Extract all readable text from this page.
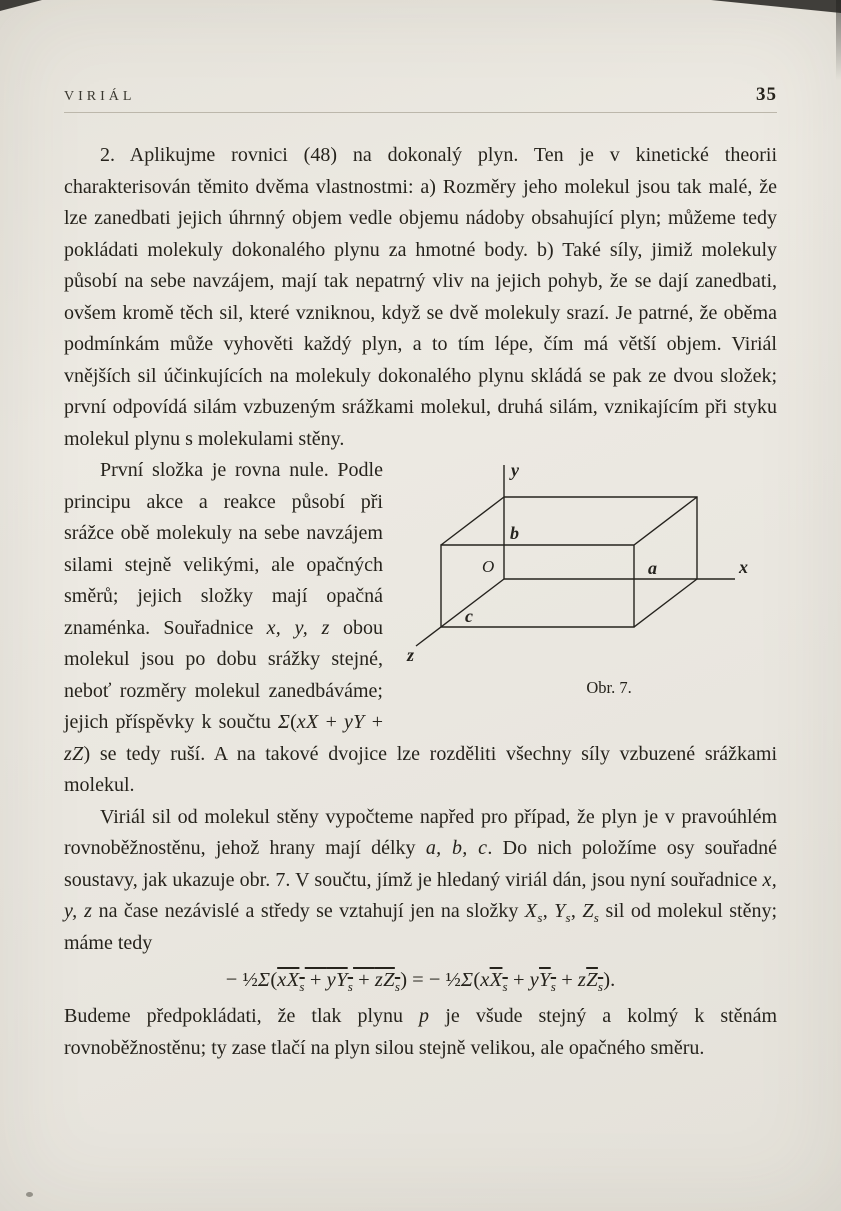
VIRIÁL	35

2. Aplikujme rovnici (48) na dokonalý plyn. Ten je v kinetické theorii charakterisován těmito dvěma vlastnostmi: a) Rozměry jeho molekul jsou tak malé, že lze zanedbati jejich úhrnný objem vedle objemu nádoby obsahující plyn; můžeme tedy pokládati molekuly dokonalého plynu za hmotné body. b) Také síly, jimiž molekuly působí na sebe navzájem, mají tak nepatrný vliv na jejich pohyb, že se dají zanedbati, ovšem kromě těch sil, které vzniknou, když se dvě molekuly srazí. Je patrné, že oběma podmínkám může vyhověti každý plyn, a to tím lépe, čím má větší objem. Viriál vnějších sil účinkujících na molekuly dokonalého plynu skládá se pak ze dvou složek; první odpovídá silám vzbuzeným srážkami molekul, druhá silám, vznikajícím při styku molekul plynu s molekulami stěny.

y
x
z
a
b
c
O
Obr. 7.
První složka je rovna nule. Podle principu akce a reakce působí při srážce obě molekuly na sebe navzájem silami stejně velikými, ale opačných směrů; jejich složky mají opačná znaménka. Souřadnice x, y, z obou molekul jsou po dobu srážky stejné, neboť rozměry molekul zanedbáváme; jejich příspěvky k součtu Σ(xX + yY + zZ) se tedy ruší. A na takové dvojice lze rozděliti všechny síly vzbuzené srážkami molekul.

Viriál sil od molekul stěny vypočteme napřed pro případ, že plyn je v pravoúhlém rovnoběžnostěnu, jehož hrany mají délky a, b, c. Do nich položíme osy souřadné soustavy, jak ukazuje obr. 7. V součtu, jímž je hledaný viriál dán, jsou nyní souřadnice x, y, z na čase nezávislé a středy se vztahují jen na složky $X_s$, $Y_s$, $Z_s$ sil od molekul stěny; máme tedy

− $\frac{1}{2}\Sigma(xX_s + yY_s + zZ_s)$ = − $\frac{1}{2}\Sigma(xX_s + yY_s + zZ_s)$.

Budeme předpokládati, že tlak plynu p je všude stejný a kolmý k stěnám rovnoběžnostěnu; ty zase tlačí na plyn silou stejně velikou, ale opačného směru.
